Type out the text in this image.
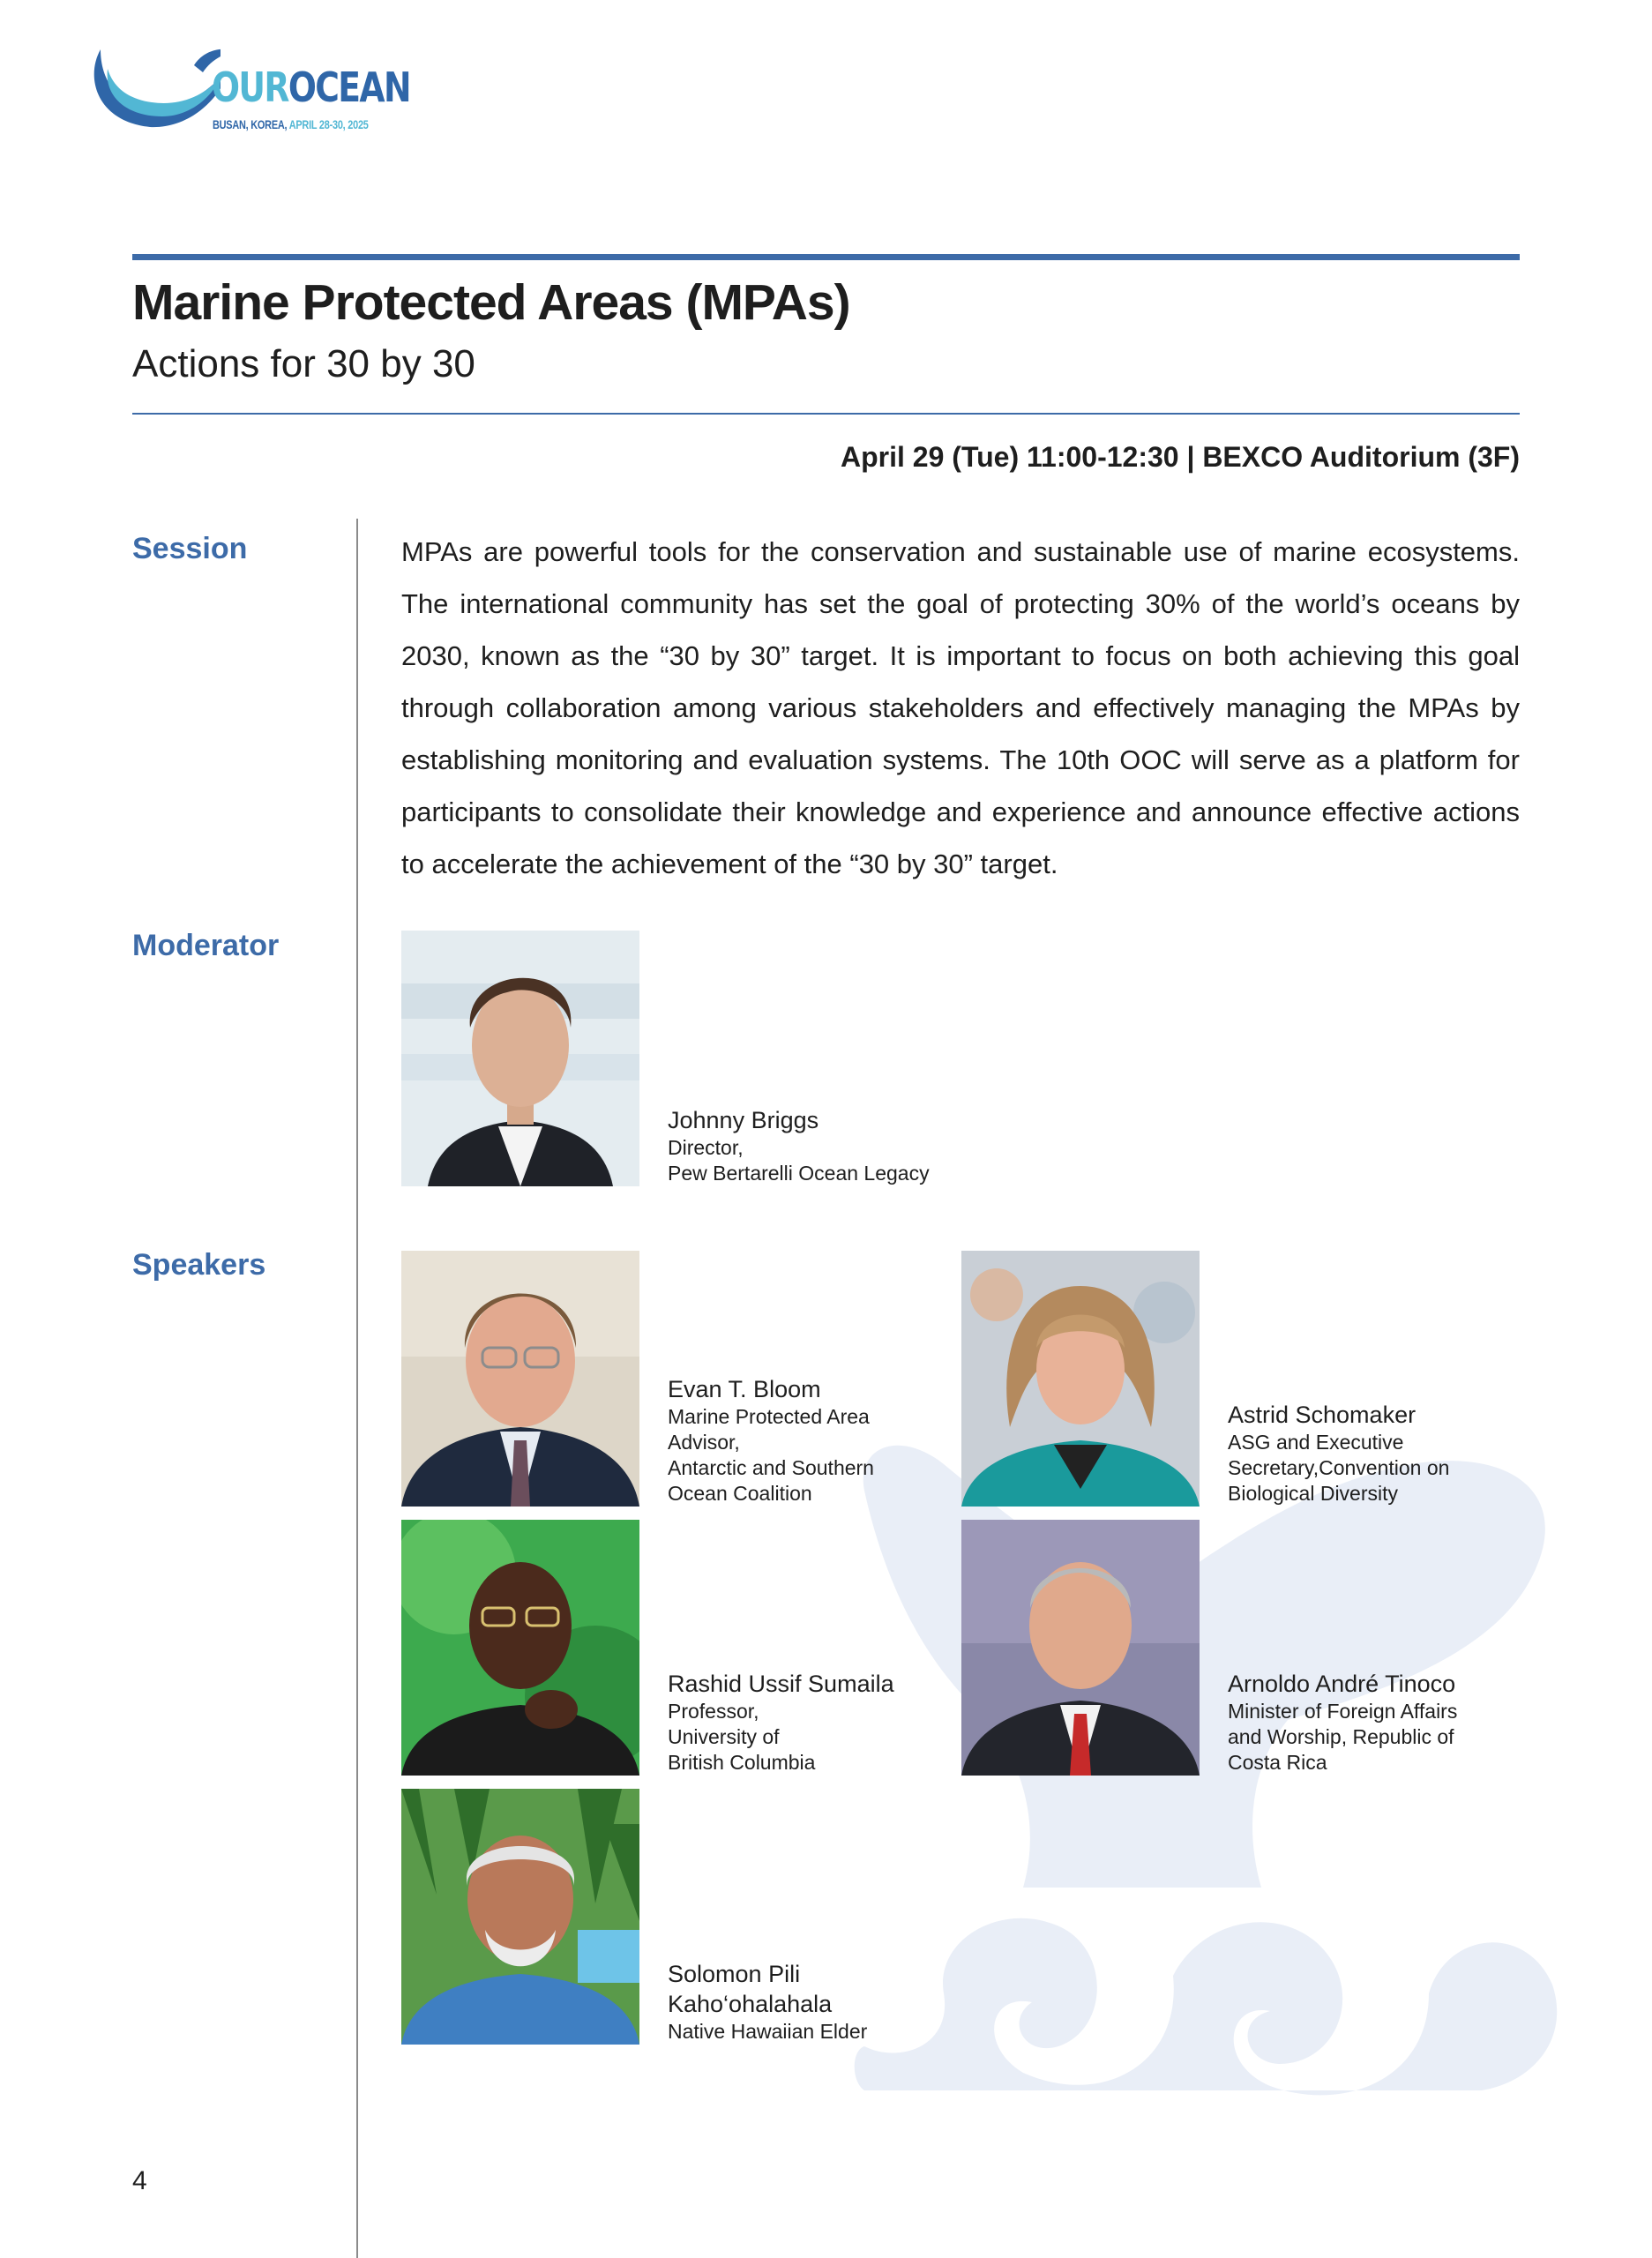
OUROCEAN
BUSAN, KOREA, APRIL 28-30, 2025
Marine Protected Areas (MPAs)
Actions for 30 by 30
April 29 (Tue) 11:00-12:30 | BEXCO Auditorium (3F)
Session
Moderator
Speakers

MPAs are powerful tools for the conservation and sustainable use of marine ecosystems. The international community has set the goal of protecting 30% of the world’s oceans by 2030, known as the “30 by 30” target. It is important to focus on both achieving this goal through collaboration among various stakeholders and effectively managing the MPAs by establishing monitoring and evaluation systems. The 10th OOC will serve as a platform for participants to consolidate their knowledge and experience and announce effective actions to accelerate the achievement of the “30 by 30” target.

Johnny Briggs
Director,
Pew Bertarelli Ocean Legacy
Evan T. Bloom
Marine Protected Area
Advisor,
Antarctic and Southern
Ocean Coalition
Astrid Schomaker
ASG and Executive
Secretary,Convention on
Biological Diversity
Rashid Ussif Sumaila
Professor,
University of
British Columbia
Arnoldo André Tinoco
Minister of Foreign Affairs
and Worship, Republic of
Costa Rica
Solomon Pili
Kaho‘ohalahala
Native Hawaiian Elder
4
